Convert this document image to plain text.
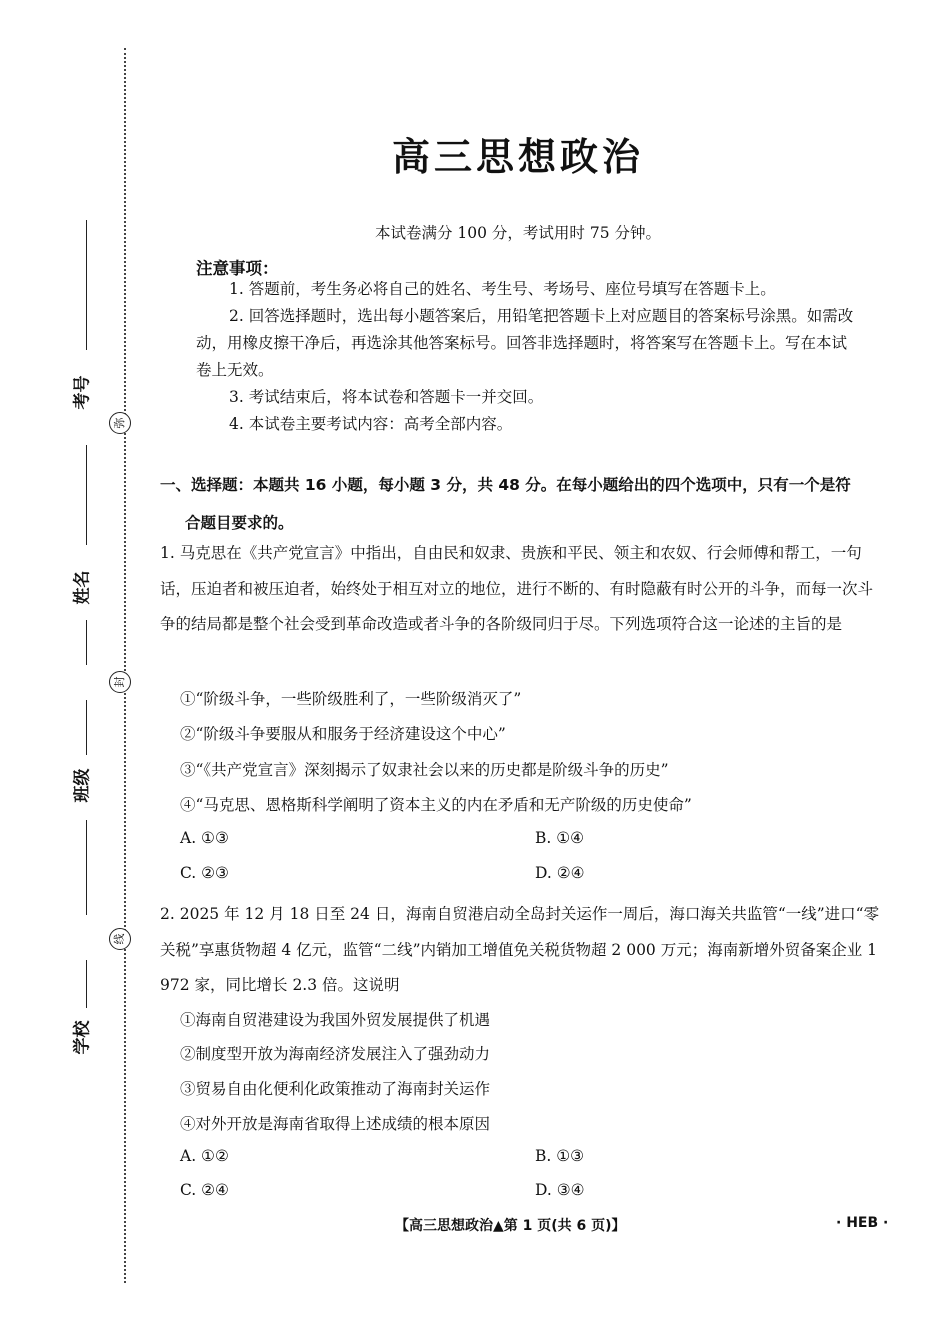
考号
弥
姓名
封
班级
线
学校
高三思想政治
本试卷满分 100 分，考试用时 75 分钟。
注意事项：
1. 答题前，考生务必将自己的姓名、考生号、考场号、座位号填写在答题卡上。
2. 回答选择题时，选出每小题答案后，用铅笔把答题卡上对应题目的答案标号涂黑。如需改动，用橡皮擦干净后，再选涂其他答案标号。回答非选择题时，将答案写在答题卡上。写在本试卷上无效。
3. 考试结束后，将本试卷和答题卡一并交回。
4. 本试卷主要考试内容：高考全部内容。
一、选择题：本题共 16 小题，每小题 3 分，共 48 分。在每小题给出的四个选项中，只有一个是符
合题目要求的。
1. 马克思在《共产党宣言》中指出，自由民和奴隶、贵族和平民、领主和农奴、行会师傅和帮工，一句话，压迫者和被压迫者，始终处于相互对立的地位，进行不断的、有时隐蔽有时公开的斗争，而每一次斗争的结局都是整个社会受到革命改造或者斗争的各阶级同归于尽。下列选项符合这一论述的主旨的是
①“阶级斗争，一些阶级胜利了，一些阶级消灭了”
②“阶级斗争要服从和服务于经济建设这个中心”
③“《共产党宣言》深刻揭示了奴隶社会以来的历史都是阶级斗争的历史”
④“马克思、恩格斯科学阐明了资本主义的内在矛盾和无产阶级的历史使命”
A. ①③	B. ①④
C. ②③	D. ②④
2. 2025 年 12 月 18 日至 24 日，海南自贸港启动全岛封关运作一周后，海口海关共监管“一线”进口“零关税”享惠货物超 4 亿元，监管“二线”内销加工增值免关税货物超 2 000 万元；海南新增外贸备案企业 1 972 家，同比增长 2.3 倍。这说明
①海南自贸港建设为我国外贸发展提供了机遇
②制度型开放为海南经济发展注入了强劲动力
③贸易自由化便利化政策推动了海南封关运作
④对外开放是海南省取得上述成绩的根本原因
A. ①②	B. ①③
C. ②④	D. ③④
【高三思想政治▲第 1 页(共 6 页)】	· HEB ·
